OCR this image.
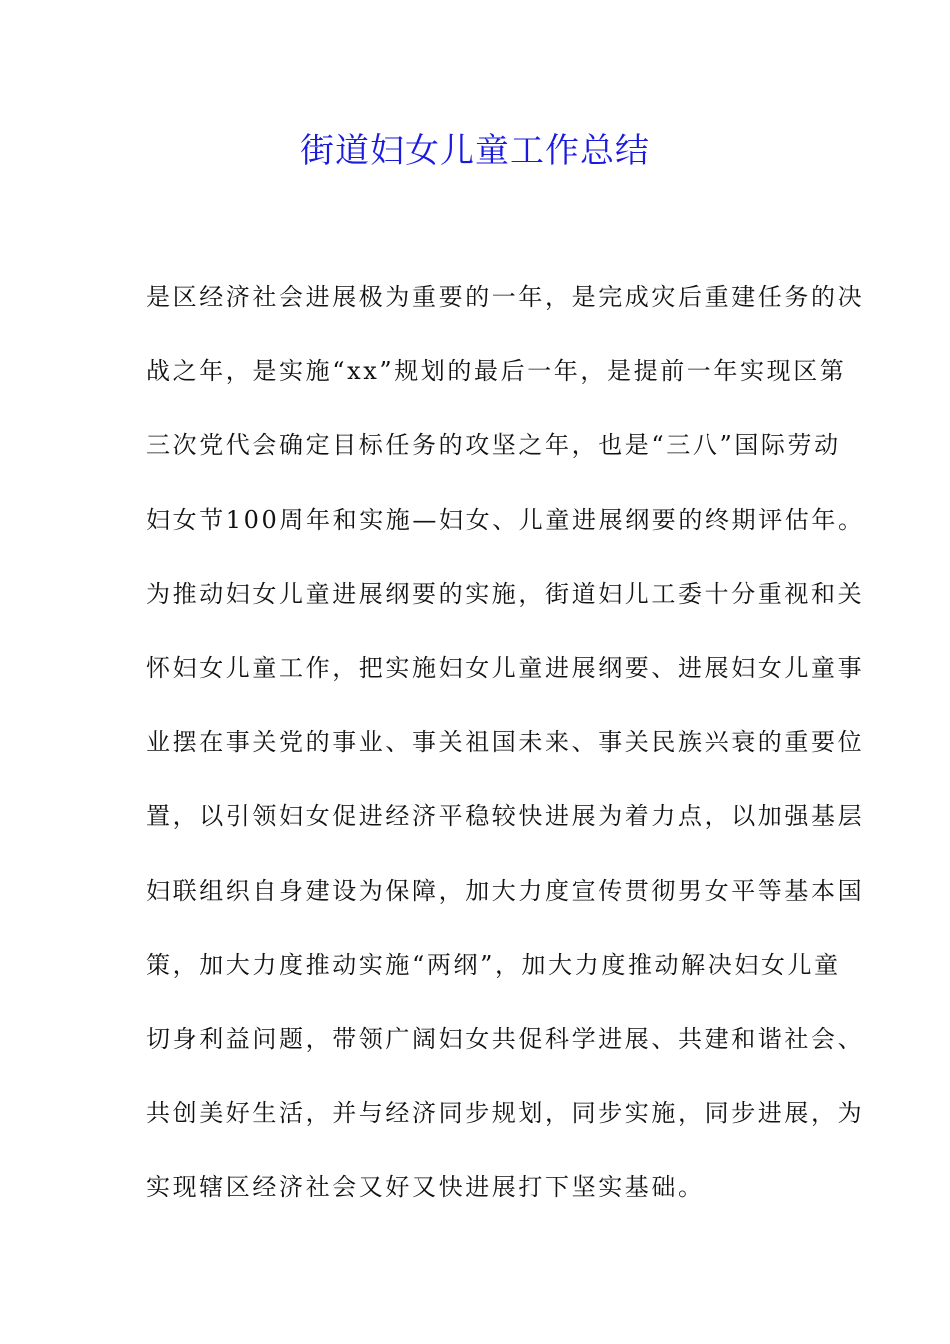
街道妇女儿童工作总结

是区经济社会进展极为重要的一年，是完成灾后重建任务的决

战之年，是实施“xx”规划的最后一年，是提前一年实现区第

三次党代会确定目标任务的攻坚之年，也是“三八”国际劳动

妇女节100周年和实施—妇女、儿童进展纲要的终期评估年。

为推动妇女儿童进展纲要的实施，街道妇儿工委十分重视和关

怀妇女儿童工作，把实施妇女儿童进展纲要、进展妇女儿童事

业摆在事关党的事业、事关祖国未来、事关民族兴衰的重要位

置，以引领妇女促进经济平稳较快进展为着力点，以加强基层

妇联组织自身建设为保障，加大力度宣传贯彻男女平等基本国

策，加大力度推动实施“两纲”，加大力度推动解决妇女儿童

切身利益问题，带领广阔妇女共促科学进展、共建和谐社会、

共创美好生活，并与经济同步规划，同步实施，同步进展，为

实现辖区经济社会又好又快进展打下坚实基础。
